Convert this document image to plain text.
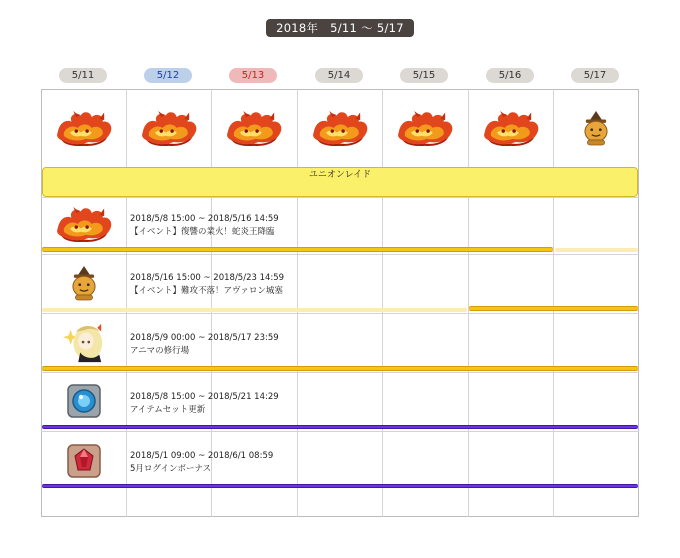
2018年　5/11 〜 5/17
5/11	5/12	5/13	5/14	5/15	5/16	5/17
ユニオンレイド
2018/5/8 15:00 ~ 2018/5/16 14:59
【イベント】復讐の業火！蛇炎王降臨
2018/5/16 15:00 ~ 2018/5/23 14:59
【イベント】難攻不落！アヴァロン城塞
2018/5/9 00:00 ~ 2018/5/17 23:59
アニマの修行場
2018/5/8 15:00 ~ 2018/5/21 14:29
アイテムセット更新
2018/5/1 09:00 ~ 2018/6/1 08:59
5月ログインボーナス
